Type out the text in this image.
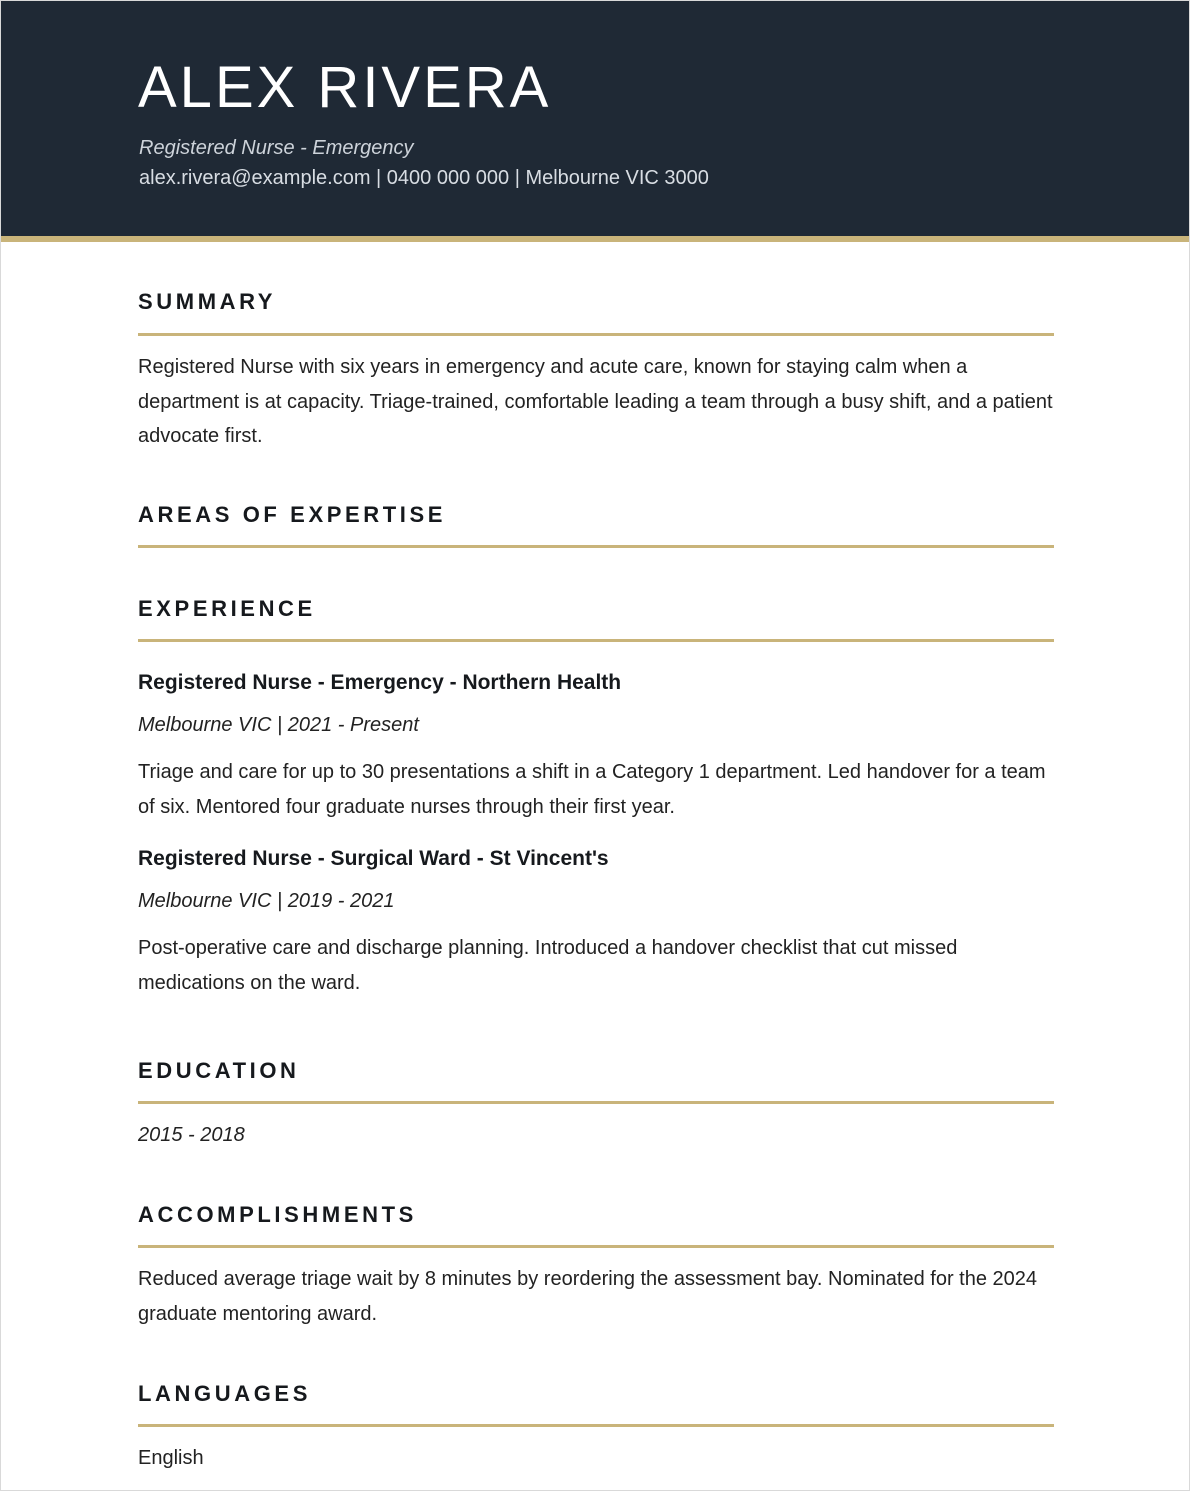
ALEX RIVERA
Registered Nurse - Emergency
alex.rivera@example.com | 0400 000 000 | Melbourne VIC 3000
SUMMARY

Registered Nurse with six years in emergency and acute care, known for staying calm when a department is at capacity. Triage-trained, comfortable leading a team through a busy shift, and a patient advocate first.

AREAS OF EXPERTISE
EXPERIENCE

Registered Nurse - Emergency - Northern Health

Melbourne VIC | 2021 - Present

Triage and care for up to 30 presentations a shift in a Category 1 department. Led handover for a team of six. Mentored four graduate nurses through their first year.

Registered Nurse - Surgical Ward - St Vincent's

Melbourne VIC | 2019 - 2021

Post-operative care and discharge planning. Introduced a handover checklist that cut missed medications on the ward.

EDUCATION

2015 - 2018

ACCOMPLISHMENTS

Reduced average triage wait by 8 minutes by reordering the assessment bay. Nominated for the 2024 graduate mentoring award.

LANGUAGES

English
